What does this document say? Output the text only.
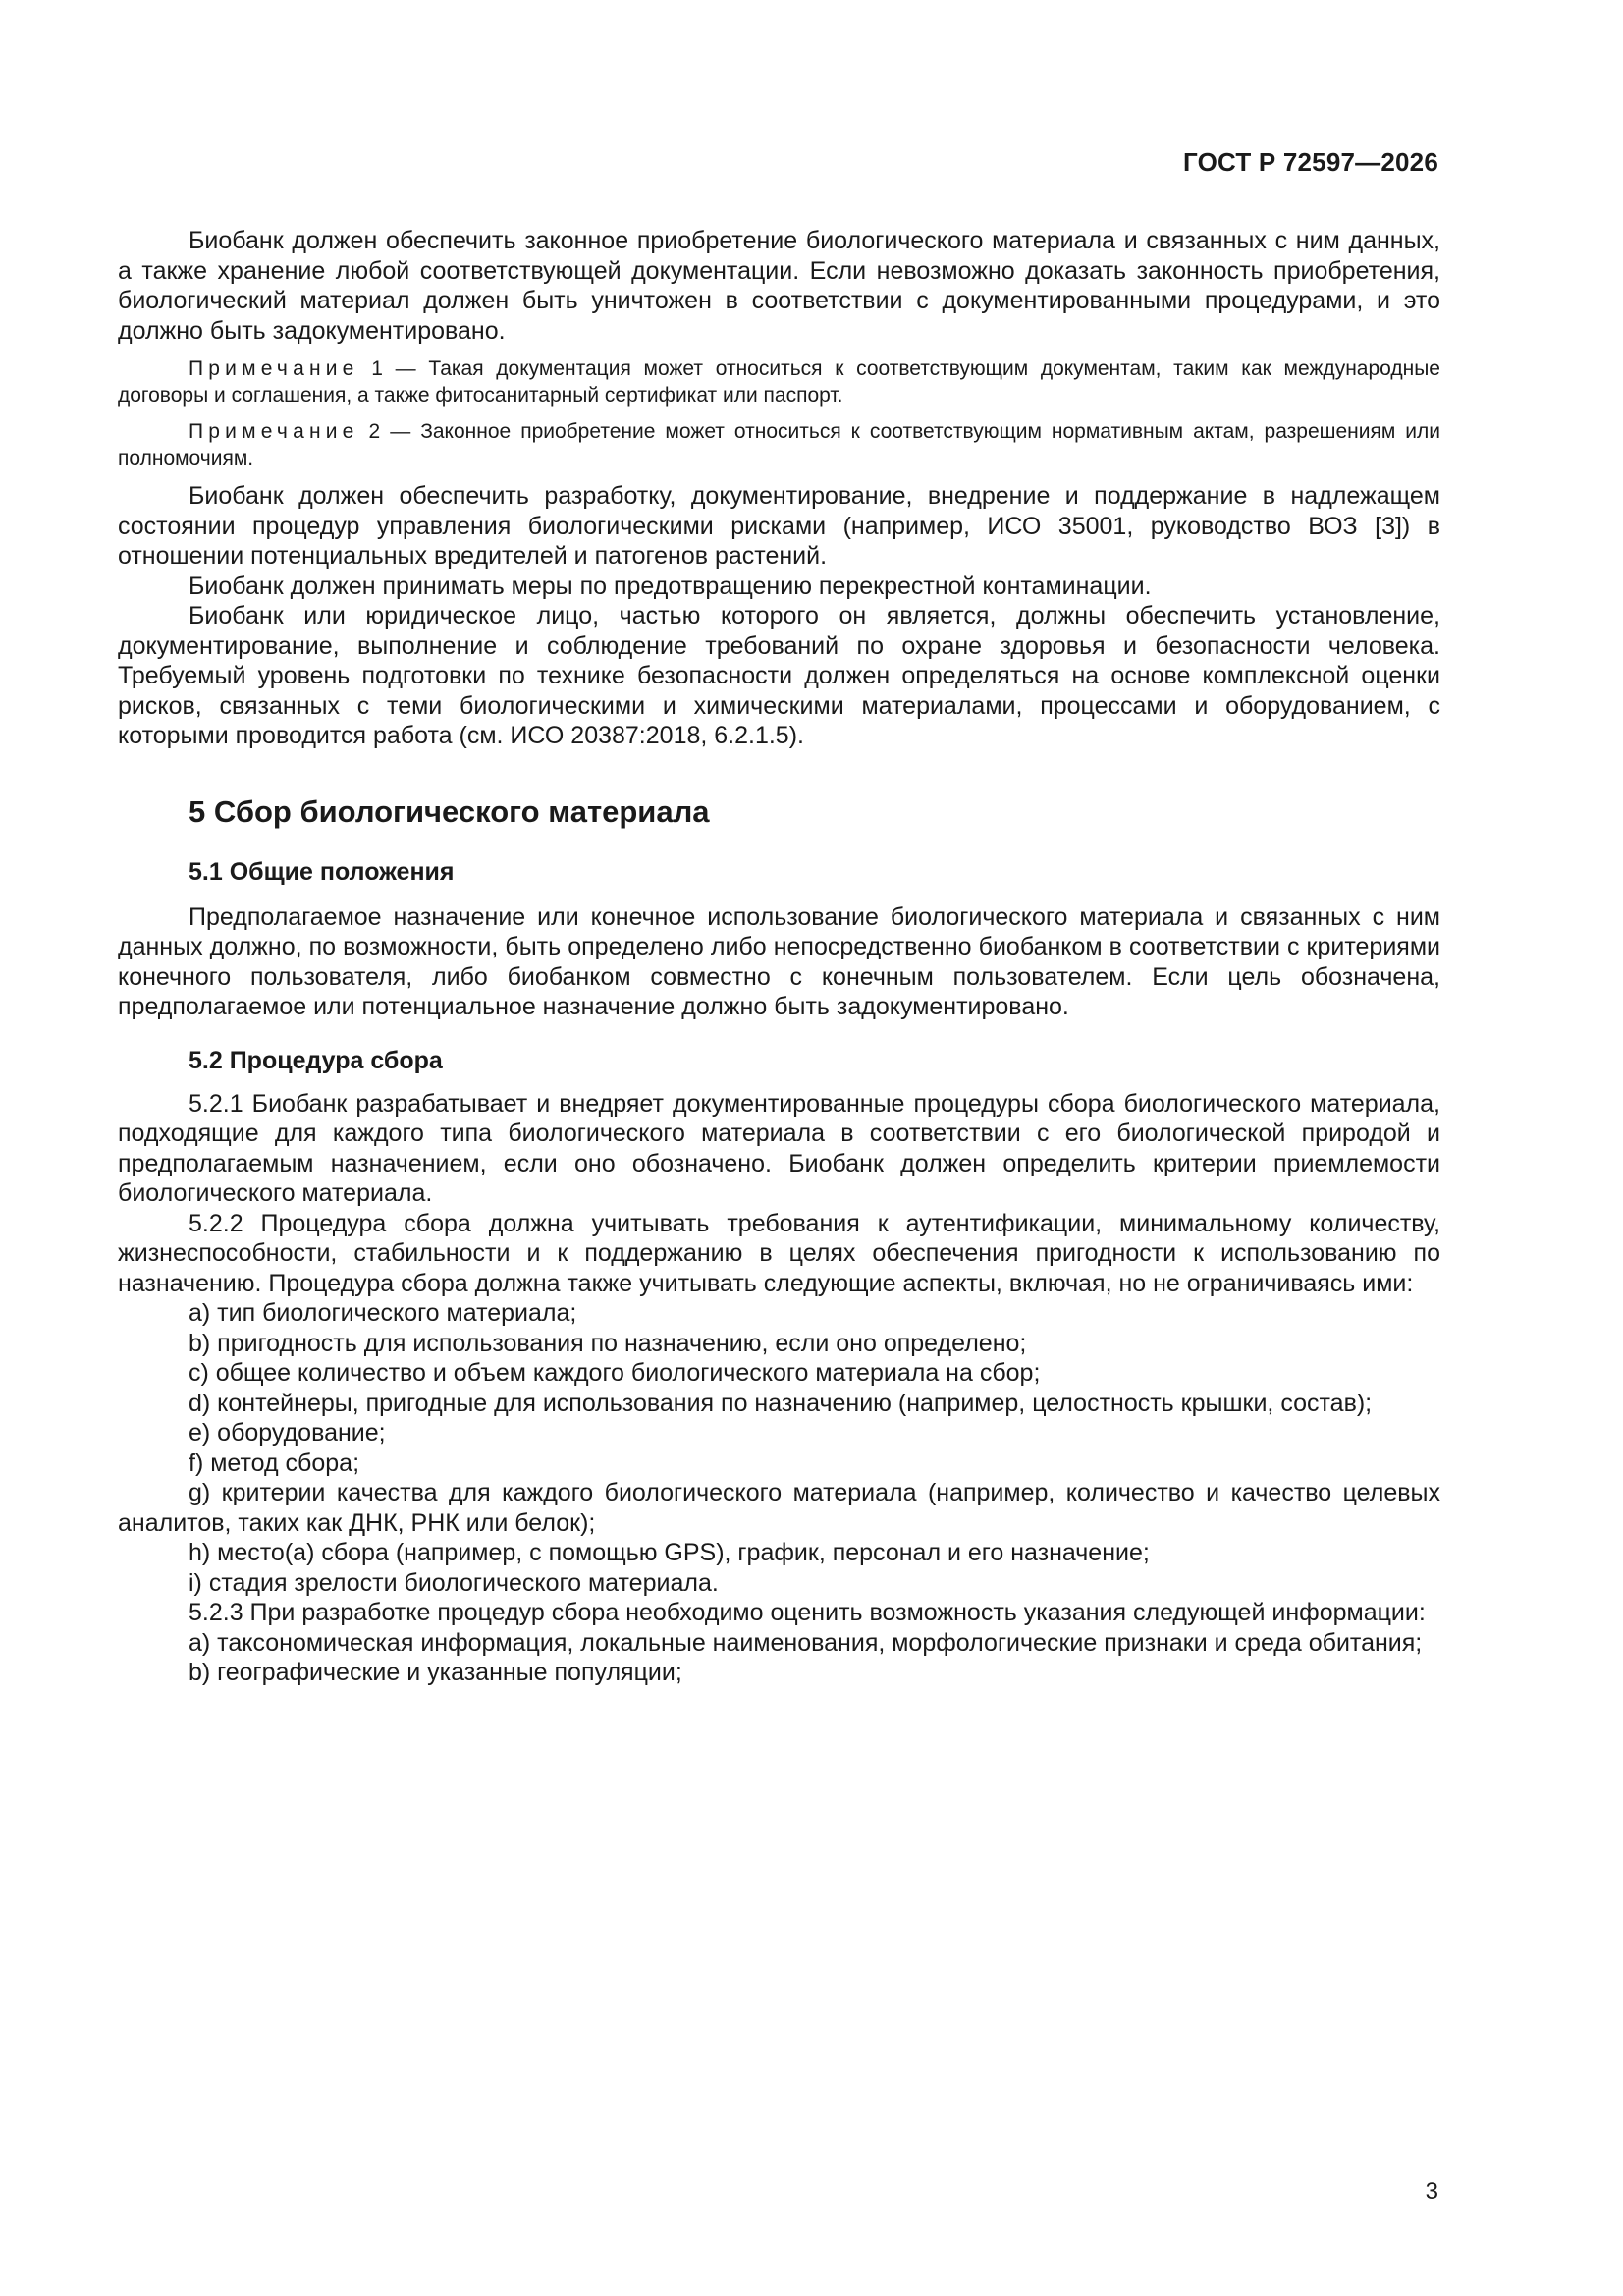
ГОСТ Р 72597—2026

Биобанк должен обеспечить законное приобретение биологического материала и связанных с ним данных, а также хранение любой соответствующей документации. Если невозможно доказать законность приобретения, биологический материал должен быть уничтожен в соответствии с документированными процедурами, и это должно быть задокументировано.

Примечание 1 — Такая документация может относиться к соответствующим документам, таким как международные договоры и соглашения, а также фитосанитарный сертификат или паспорт.

Примечание 2 — Законное приобретение может относиться к соответствующим нормативным актам, разрешениям или полномочиям.

Биобанк должен обеспечить разработку, документирование, внедрение и поддержание в надлежащем состоянии процедур управления биологическими рисками (например, ИСО 35001, руководство ВОЗ [3]) в отношении потенциальных вредителей и патогенов растений.

Биобанк должен принимать меры по предотвращению перекрестной контаминации.

Биобанк или юридическое лицо, частью которого он является, должны обеспечить установление, документирование, выполнение и соблюдение требований по охране здоровья и безопасности человека. Требуемый уровень подготовки по технике безопасности должен определяться на основе комплексной оценки рисков, связанных с теми биологическими и химическими материалами, процессами и оборудованием, с которыми проводится работа (см. ИСО 20387:2018, 6.2.1.5).

5 Сбор биологического материала
5.1 Общие положения

Предполагаемое назначение или конечное использование биологического материала и связанных с ним данных должно, по возможности, быть определено либо непосредственно биобанком в соответствии с критериями конечного пользователя, либо биобанком совместно с конечным пользователем. Если цель обозначена, предполагаемое или потенциальное назначение должно быть задокументировано.

5.2 Процедура сбора

5.2.1 Биобанк разрабатывает и внедряет документированные процедуры сбора биологического материала, подходящие для каждого типа биологического материала в соответствии с его биологической природой и предполагаемым назначением, если оно обозначено. Биобанк должен определить критерии приемлемости биологического материала.

5.2.2 Процедура сбора должна учитывать требования к аутентификации, минимальному количеству, жизнеспособности, стабильности и к поддержанию в целях обеспечения пригодности к использованию по назначению. Процедура сбора должна также учитывать следующие аспекты, включая, но не ограничиваясь ими:

a) тип биологического материала;

b) пригодность для использования по назначению, если оно определено;

c) общее количество и объем каждого биологического материала на сбор;

d) контейнеры, пригодные для использования по назначению (например, целостность крышки, состав);

e) оборудование;

f) метод сбора;

g) критерии качества для каждого биологического материала (например, количество и качество целевых аналитов, таких как ДНК, РНК или белок);

h) место(а) сбора (например, с помощью GPS), график, персонал и его назначение;

i) стадия зрелости биологического материала.

5.2.3 При разработке процедур сбора необходимо оценить возможность указания следующей информации:

a) таксономическая информация, локальные наименования, морфологические признаки и среда обитания;

b) географические и указанные популяции;

3
